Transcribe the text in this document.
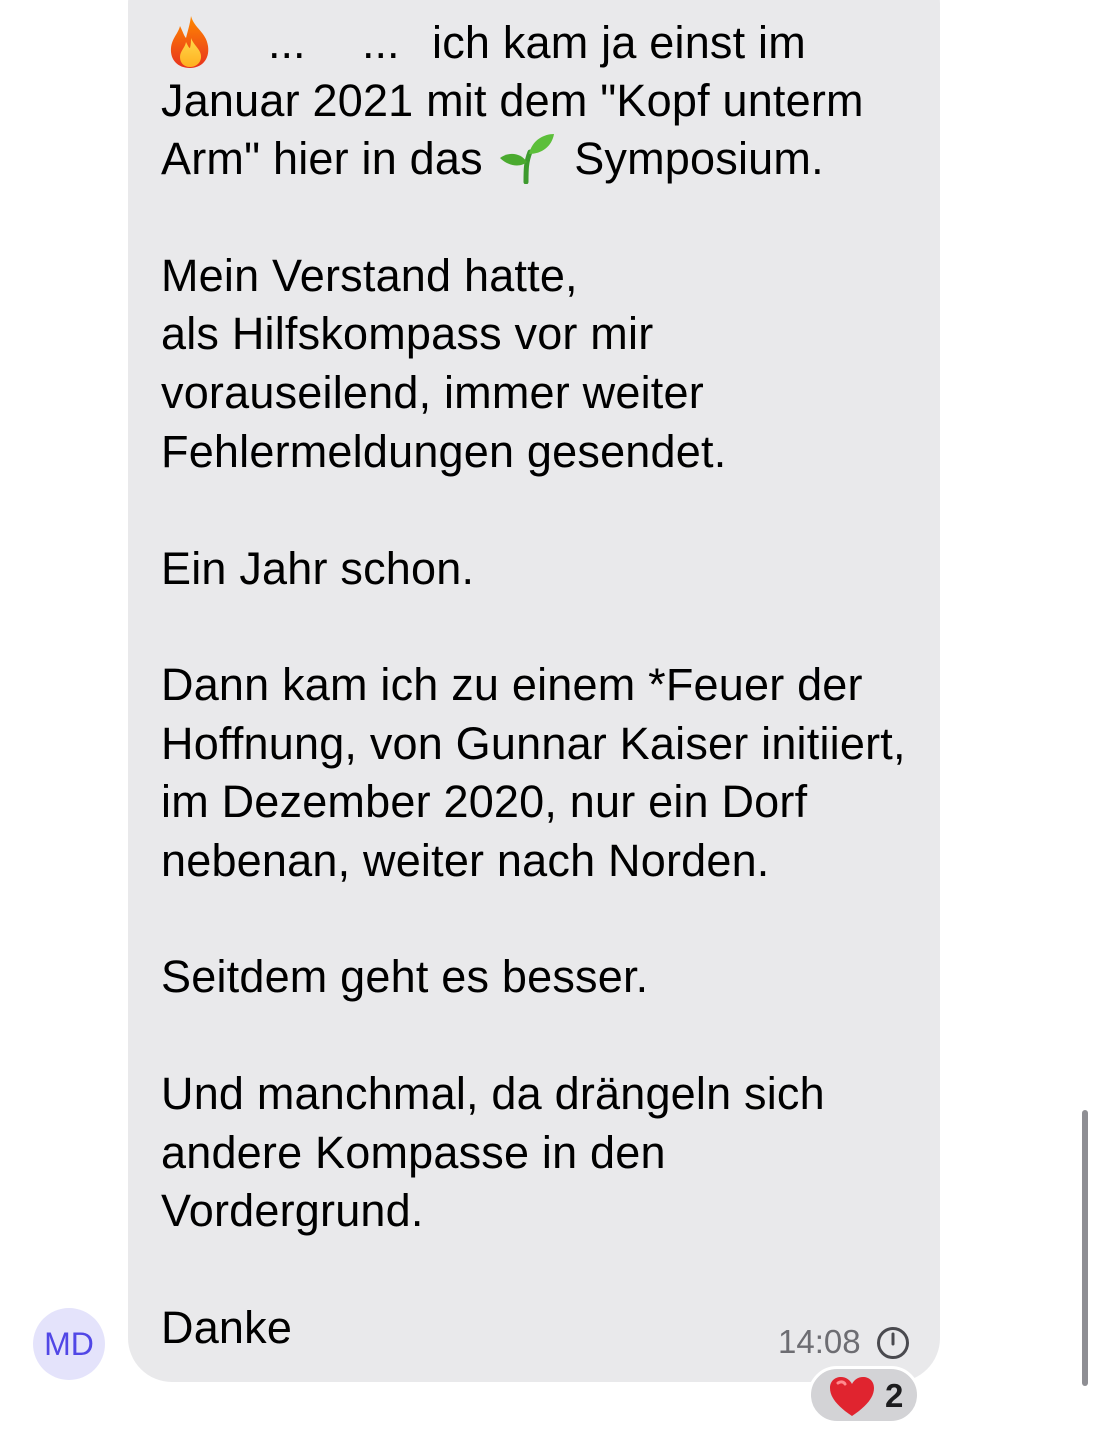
... ... ich kam ja einst im
Januar 2021 mit dem "Kopf unterm
Arm" hier in das Symposium.
Mein Verstand hatte,
als Hilfskompass vor mir
vorauseilend, immer weiter
Fehlermeldungen gesendet.
Ein Jahr schon.
Dann kam ich zu einem *Feuer der
Hoffnung, von Gunnar Kaiser initiiert,
im Dezember 2020, nur ein Dorf
nebenan, weiter nach Norden.
Seitdem geht es besser.
Und manchmal, da drängeln sich
andere Kompasse in den
Vordergrund.
Danke	14:08
MD
2
